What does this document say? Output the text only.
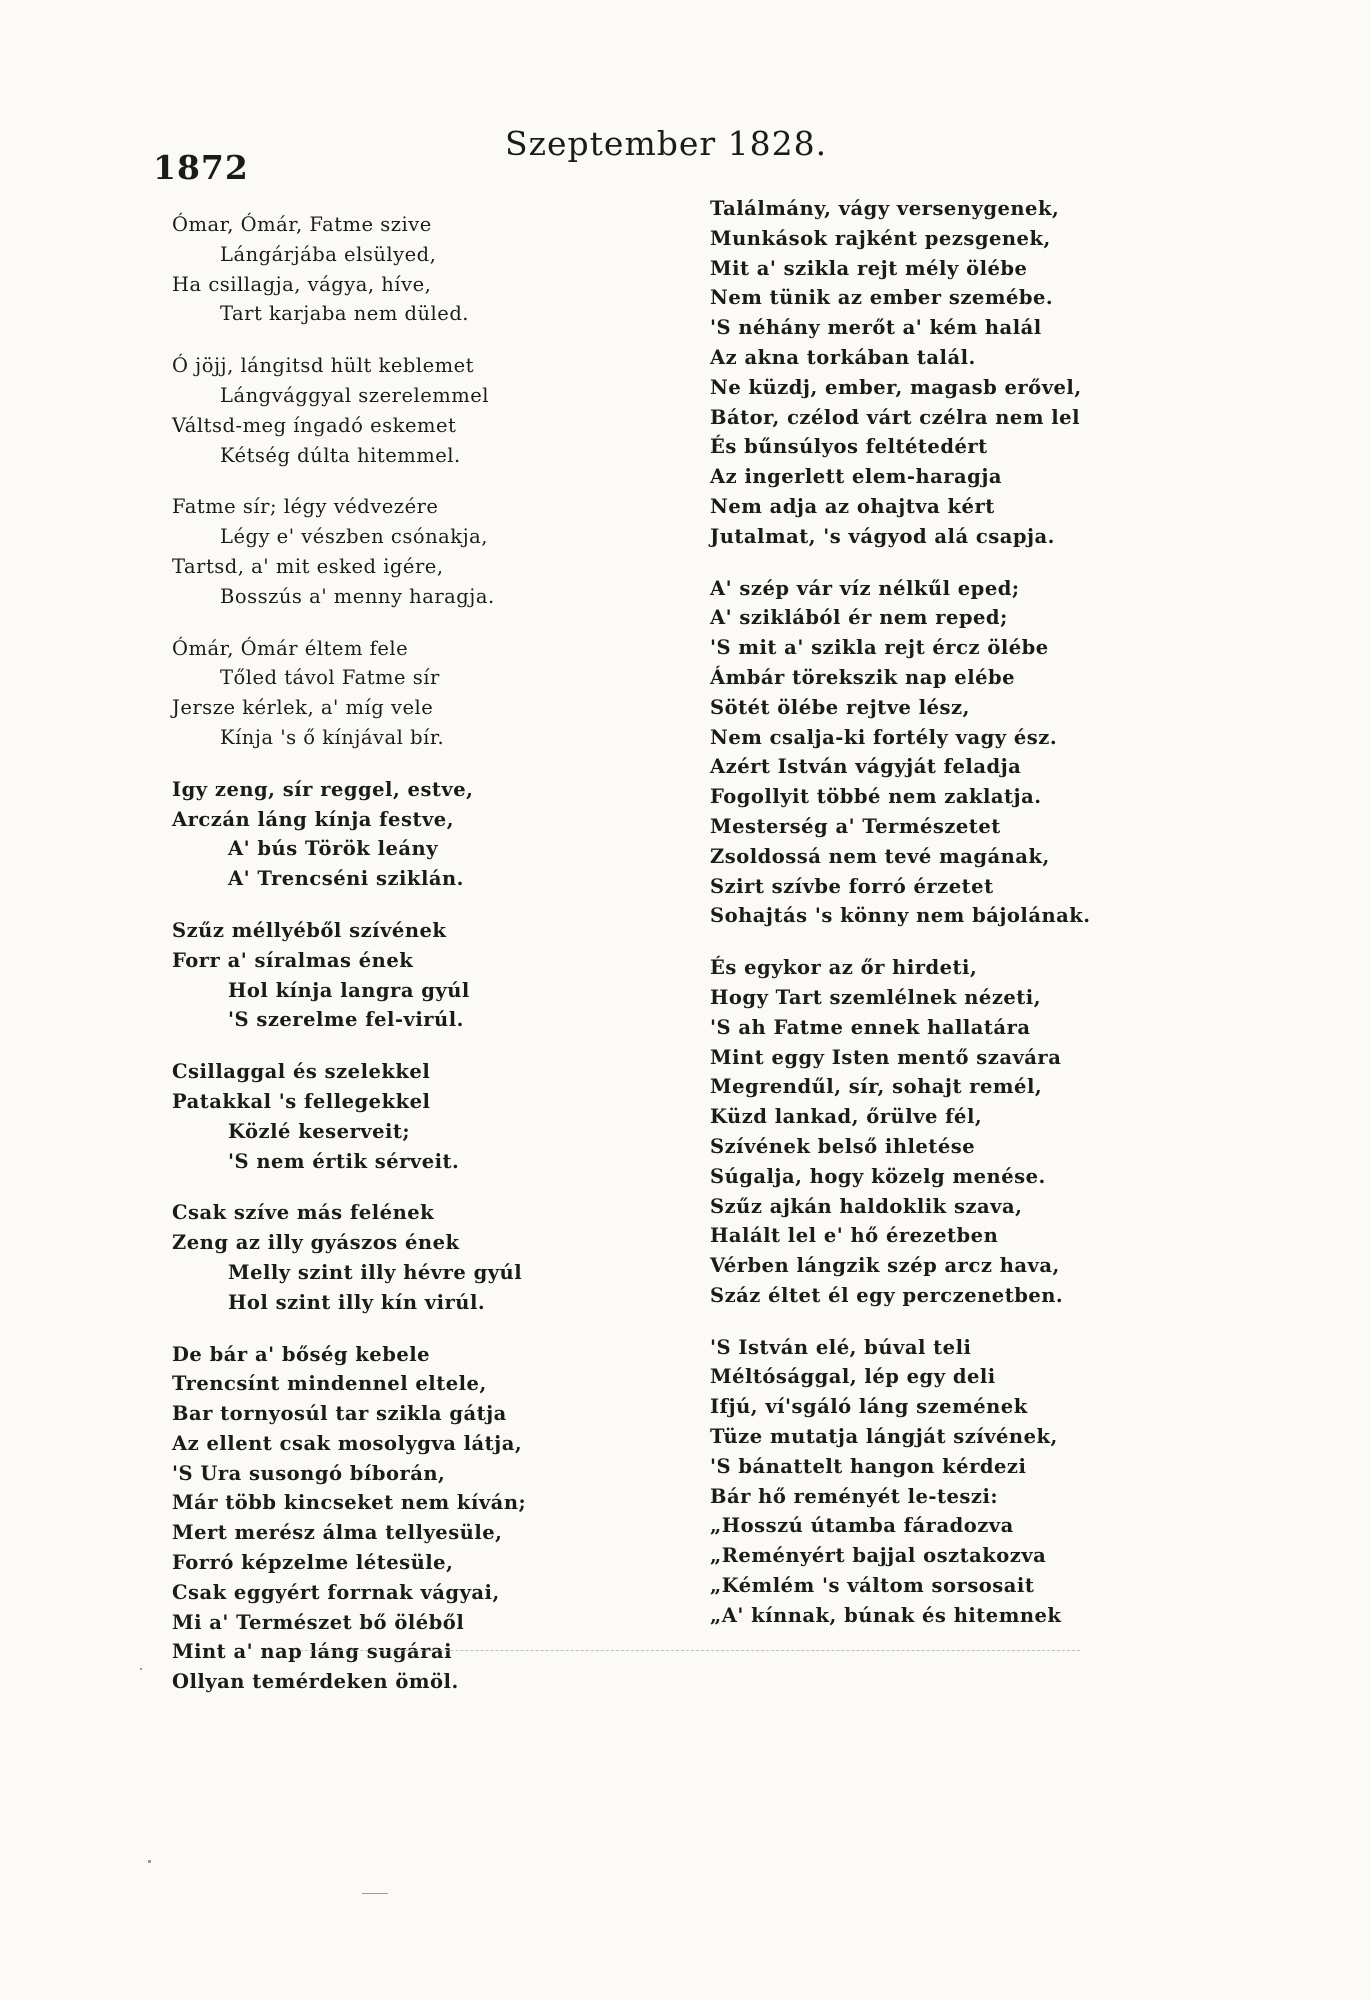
1872
Szeptember 1828.
Ómar, Ómár, Fatme szive
Lángárjába elsülyed,
Ha csillagja, vágya, híve,
Tart karjaba nem düled.
Ó jöjj, lángitsd hült keblemet
Lángvággyal szerelemmel
Váltsd-meg íngadó eskemet
Kétség dúlta hitemmel.
Fatme sír; légy védvezére
Légy e' vészben csónakja,
Tartsd, a' mit esked igére,
Bosszús a' menny haragja.
Ómár, Ómár éltem fele
Tőled távol Fatme sír
Jersze kérlek, a' míg vele
Kínja 's ő kínjával bír.
Igy zeng, sír reggel, estve,
Arczán láng kínja festve,
A' bús Török leány
A' Trencséni sziklán.
Szűz méllyéből szívének
Forr a' síralmas ének
Hol kínja langra gyúl
'S szerelme fel-virúl.
Csillaggal és szelekkel
Patakkal 's fellegekkel
Közlé keserveit;
'S nem értik sérveit.
Csak szíve más felének
Zeng az illy gyászos ének
Melly szint illy hévre gyúl
Hol szint illy kín virúl.
De bár a' bőség kebele
Trencsínt mindennel eltele,
Bar tornyosúl tar szikla gátja
Az ellent csak mosolygva látja,
'S Ura susongó bíborán,
Már több kincseket nem kíván;
Mert merész álma tellyesüle,
Forró képzelme létesüle,
Csak eggyért forrnak vágyai,
Mi a' Természet bő öléből
Mint a' nap láng sugárai
Ollyan temérdeken ömöl.
Találmány, vágy versenygenek,
Munkások rajként pezsgenek,
Mit a' szikla rejt mély ölébe
Nem tünik az ember szemébe.
'S néhány merőt a' kém halál
Az akna torkában talál.
Ne küzdj, ember, magasb erővel,
Bátor, czélod várt czélra nem lel
És bűnsúlyos feltétedért
Az ingerlett elem-haragja
Nem adja az ohajtva kért
Jutalmat, 's vágyod alá csapja.
A' szép vár víz nélkűl eped;
A' sziklából ér nem reped;
'S mit a' szikla rejt ércz ölébe
Ámbár törekszik nap elébe
Sötét ölébe rejtve lész,
Nem csalja-ki fortély vagy ész.
Azért István vágyját feladja
Fogollyit többé nem zaklatja.
Mesterség a' Természetet
Zsoldossá nem tevé magának,
Szirt szívbe forró érzetet
Sohajtás 's könny nem bájolának.
És egykor az őr hirdeti,
Hogy Tart szemlélnek nézeti,
'S ah Fatme ennek hallatára
Mint eggy Isten mentő szavára
Megrendűl, sír, sohajt remél,
Küzd lankad, őrülve fél,
Szívének belső ihletése
Súgalja, hogy közelg menése.
Szűz ajkán haldoklik szava,
Halált lel e' hő érezetben
Vérben lángzik szép arcz hava,
Száz éltet él egy perczenetben.
'S István elé, búval teli
Méltósággal, lép egy deli
Ifjú, ví'sgáló láng szemének
Tüze mutatja lángját szívének,
'S bánattelt hangon kérdezi
Bár hő reményét le-teszi:
„Hosszú útamba fáradozva
„Reményért bajjal osztakozva
„Kémlém 's váltom sorsosait
„A' kínnak, búnak és hitemnek
